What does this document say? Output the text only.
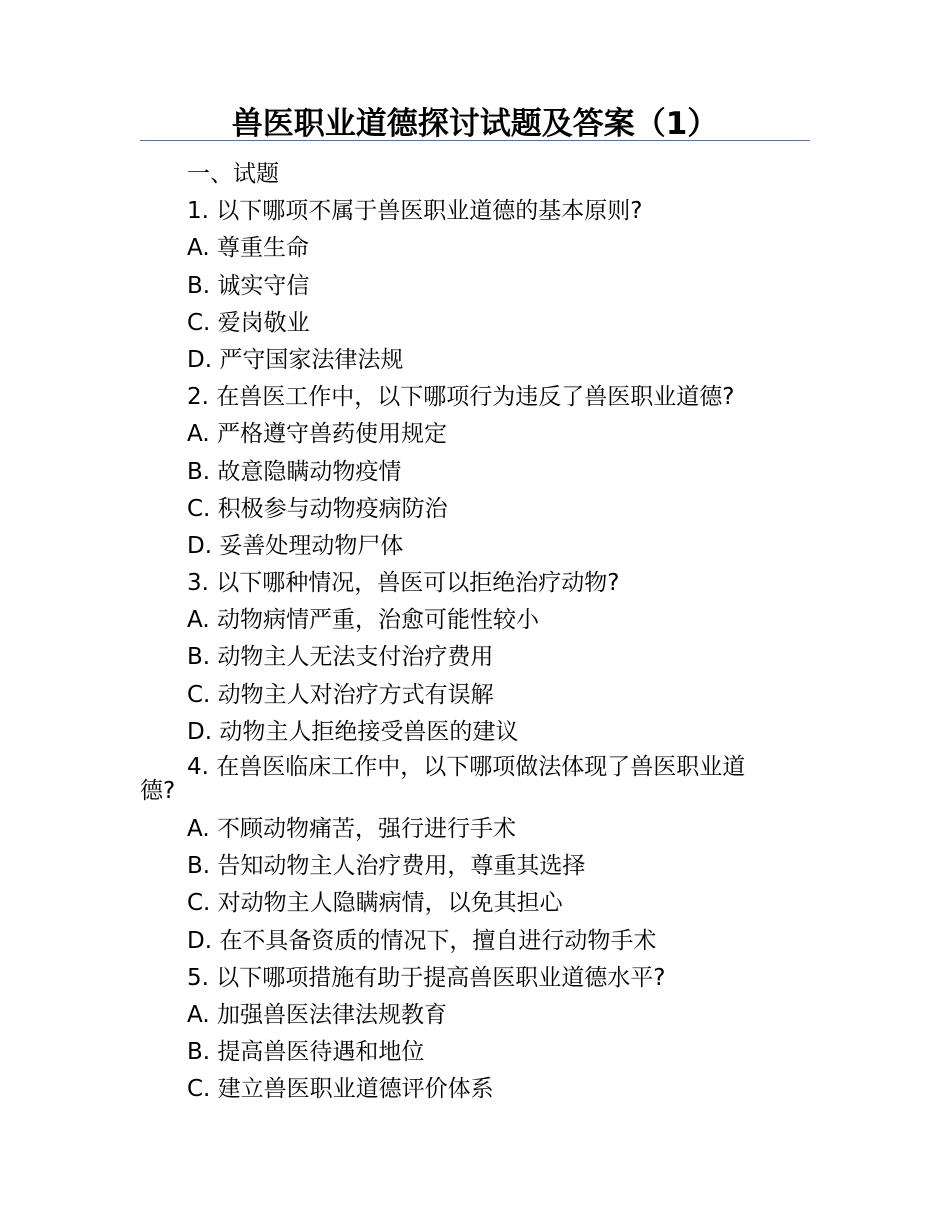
兽医职业道德探讨试题及答案（1）
一、试题
1. 以下哪项不属于兽医职业道德的基本原则?
A. 尊重生命
B. 诚实守信
C. 爱岗敬业
D. 严守国家法律法规
2. 在兽医工作中，以下哪项行为违反了兽医职业道德?
A. 严格遵守兽药使用规定
B. 故意隐瞒动物疫情
C. 积极参与动物疫病防治
D. 妥善处理动物尸体
3. 以下哪种情况，兽医可以拒绝治疗动物?
A. 动物病情严重，治愈可能性较小
B. 动物主人无法支付治疗费用
C. 动物主人对治疗方式有误解
D. 动物主人拒绝接受兽医的建议
4. 在兽医临床工作中，以下哪项做法体现了兽医职业道
德?
A. 不顾动物痛苦，强行进行手术
B. 告知动物主人治疗费用，尊重其选择
C. 对动物主人隐瞒病情，以免其担心
D. 在不具备资质的情况下，擅自进行动物手术
5. 以下哪项措施有助于提高兽医职业道德水平?
A. 加强兽医法律法规教育
B. 提高兽医待遇和地位
C. 建立兽医职业道德评价体系
